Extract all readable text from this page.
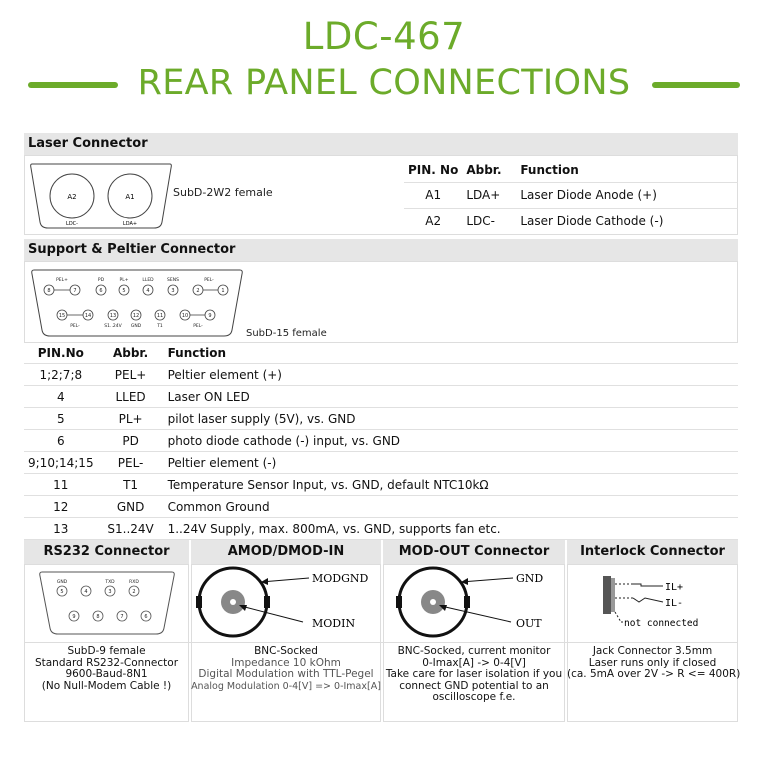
LDC-467
REAR PANEL CONNECTIONS
Laser Connector
A2	A1
LDC-	LDA+
SubD-2W2 female
PIN. No	Abbr.	Function
A1	LDA+	Laser Diode Anode (+)
A2	LDC-	Laser Diode Cathode (-)
Support & Peltier Connector
PEL+	PD	PL+	LLED	SENS	PEL-
8	7	6	5	4	3	2	1
15	14	13	12	11	10	9
PEL-	S1..24V GND	T1	PEL-
SubD-15 female
PIN.No	Abbr.	Function
1;2;7;8	PEL+	Peltier element (+)
4	LLED	Laser ON LED
5	PL+	pilot laser supply (5V), vs. GND
6	PD	photo diode cathode (-) input, vs. GND
9;10;14;15	PEL-	Peltier element (-)
11	T1	Temperature Sensor Input, vs. GND, default NTC10kΩ
12	GND	Common Ground
13	S1..24V	1..24V Supply, max. 800mA, vs. GND, supports fan etc.
RS232 Connector	AMOD/DMOD-IN	MOD-OUT Connector	Interlock Connector
GND	TXD	RXD
5	4	3	2
9	8	7	6
MODGND
MODIN
GND
OUT
IL+
IL-
not connected
SubD-9 female
Standard RS232-Connector
9600-Baud-8N1
(No Null-Modem Cable !)
BNC-Socked
Impedance 10 kOhm
Digital Modulation with TTL-Pegel
Analog Modulation 0-4[V] => 0-Imax[A]
BNC-Socked, current monitor
0-Imax[A] -> 0-4[V]
Take care for laser isolation if you
connect GND potential to an
oscilloscope f.e.
Jack Connector 3.5mm
Laser runs only if closed
(ca. 5mA over 2V -> R <= 400R)
